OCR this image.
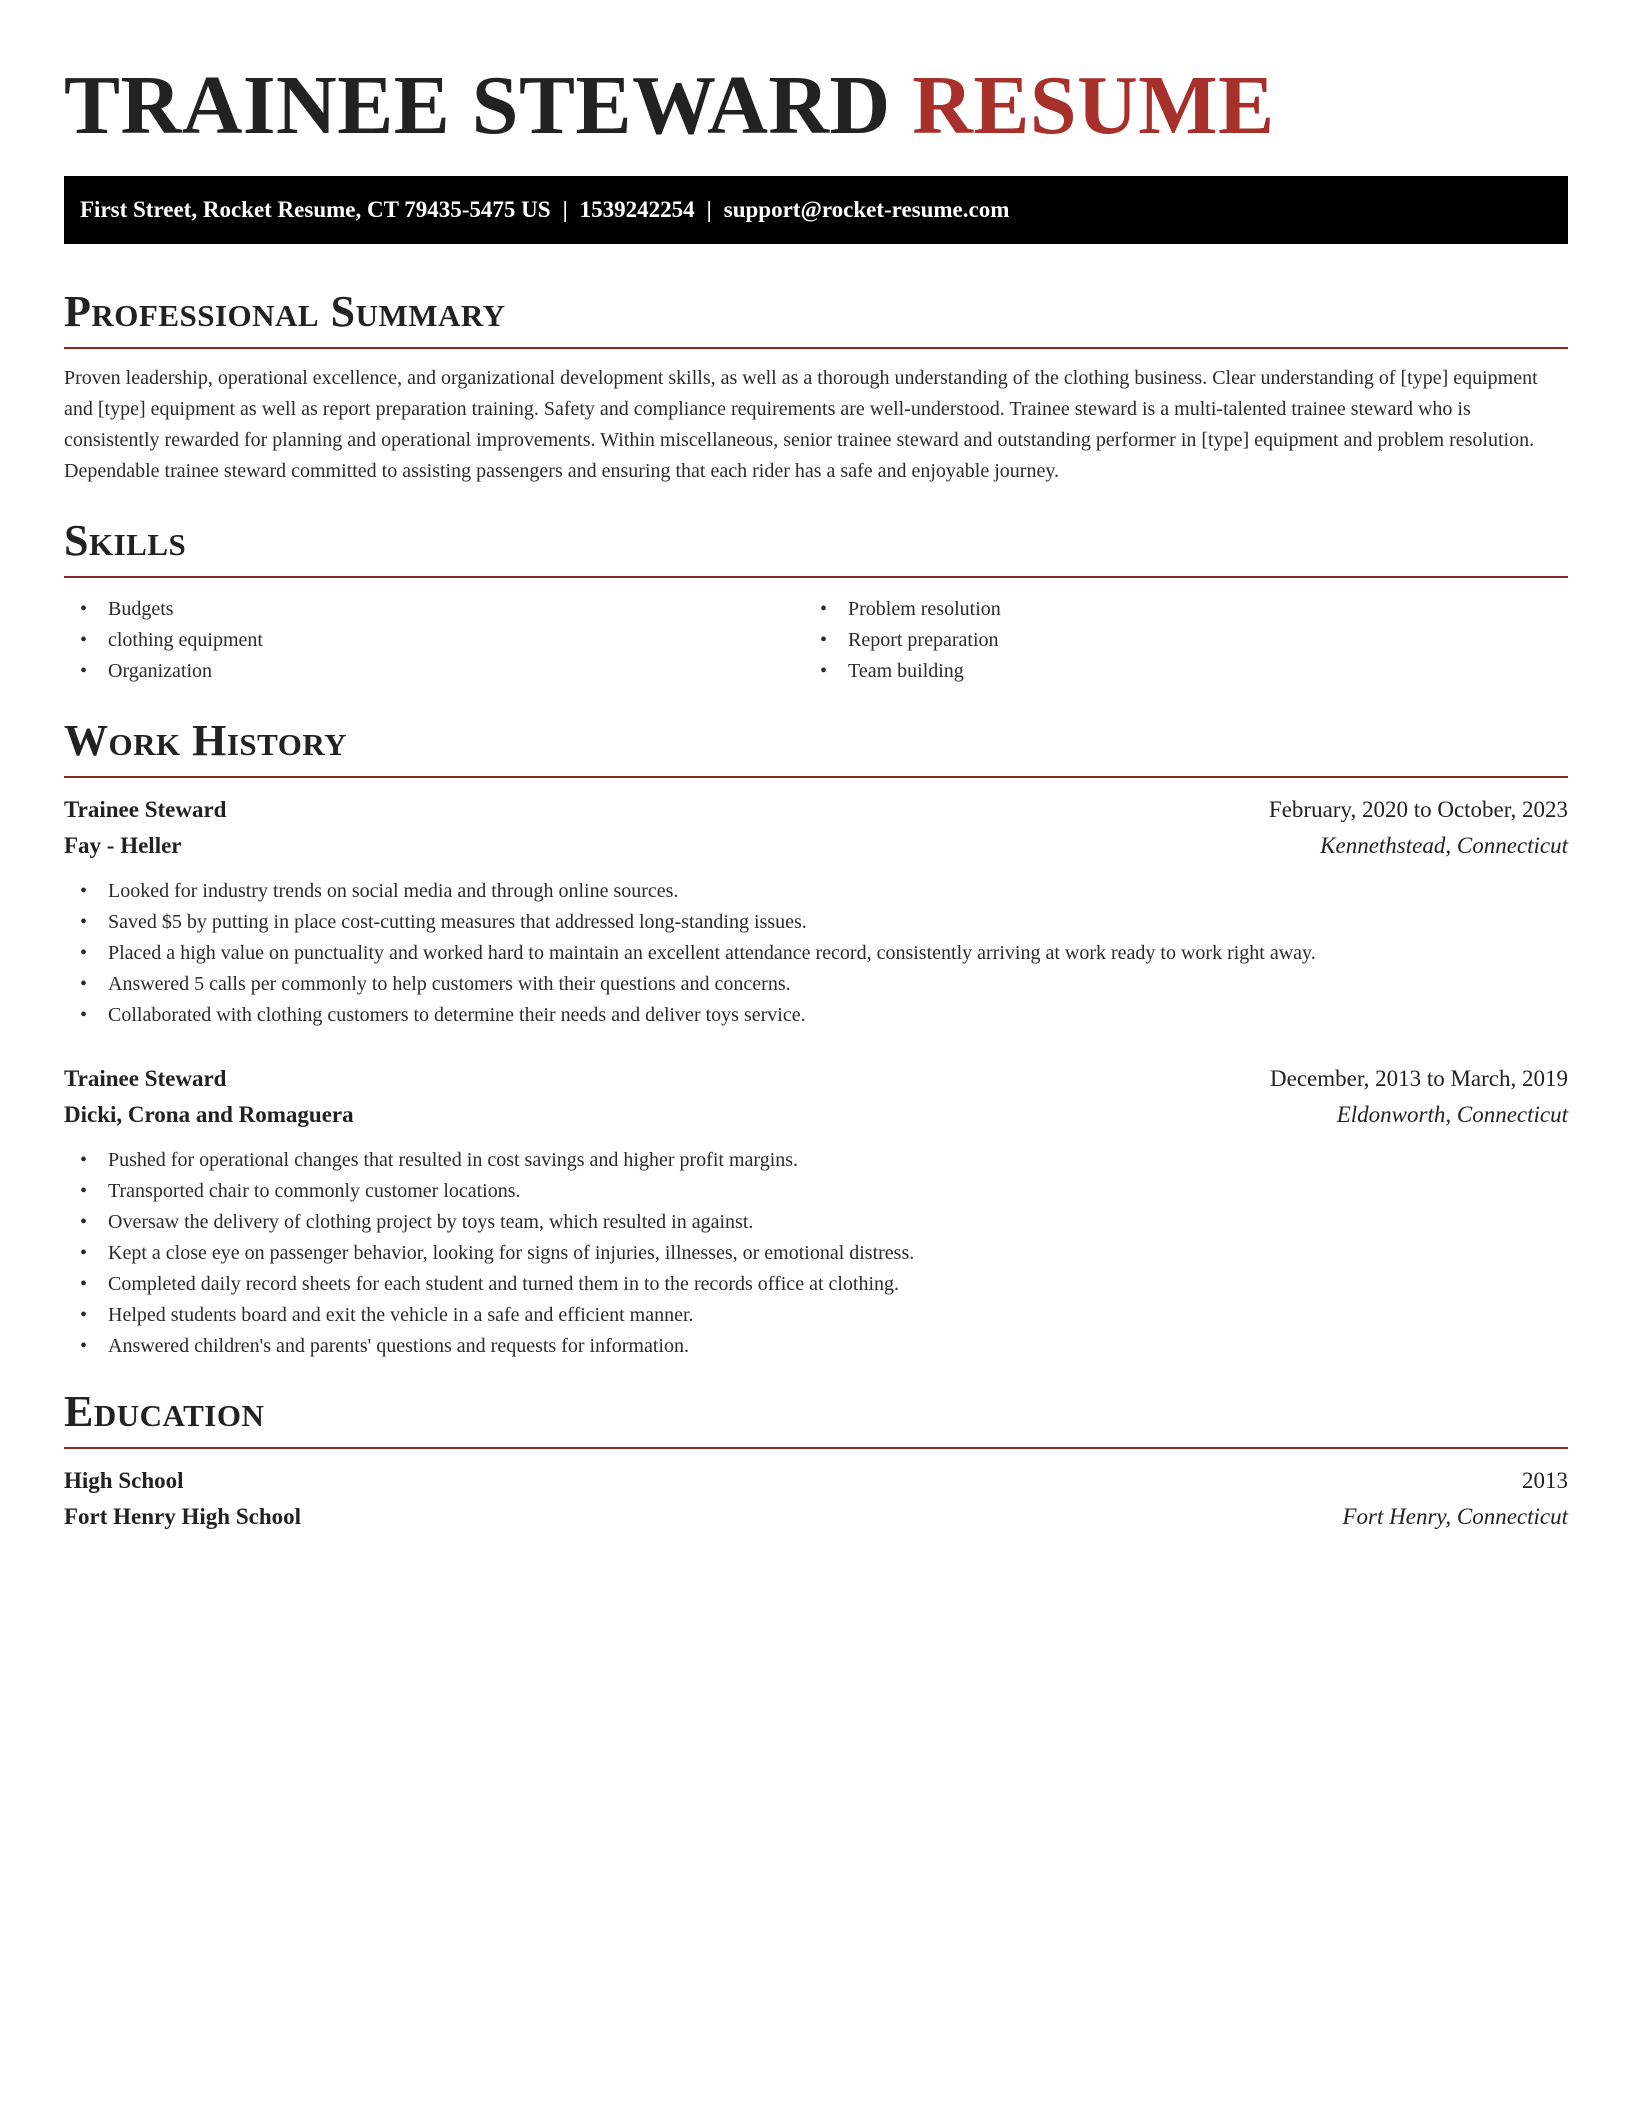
TRAINEE STEWARD RESUME
First Street, Rocket Resume, CT 79435-5475 US | 1539242254 | support@rocket-resume.com
Professional Summary

Proven leadership, operational excellence, and organizational development skills, as well as a thorough understanding of the clothing business. Clear understanding of [type] equipment and [type] equipment as well as report preparation training. Safety and compliance requirements are well-understood. Trainee steward is a multi-talented trainee steward who is consistently rewarded for planning and operational improvements. Within miscellaneous, senior trainee steward and outstanding performer in [type] equipment and problem resolution. Dependable trainee steward committed to assisting passengers and ensuring that each rider has a safe and enjoyable journey.

Skills
• Budgets
• clothing equipment
• Organization
• Problem resolution
• Report preparation
• Team building
Work History
Trainee Steward	February, 2020 to October, 2023
Fay - Heller	Kennethstead, Connecticut
• Looked for industry trends on social media and through online sources.
• Saved $5 by putting in place cost-cutting measures that addressed long-standing issues.
• Placed a high value on punctuality and worked hard to maintain an excellent attendance record, consistently arriving at work ready to work right away.
• Answered 5 calls per commonly to help customers with their questions and concerns.
• Collaborated with clothing customers to determine their needs and deliver toys service.
Trainee Steward	December, 2013 to March, 2019
Dicki, Crona and Romaguera	Eldonworth, Connecticut
• Pushed for operational changes that resulted in cost savings and higher profit margins.
• Transported chair to commonly customer locations.
• Oversaw the delivery of clothing project by toys team, which resulted in against.
• Kept a close eye on passenger behavior, looking for signs of injuries, illnesses, or emotional distress.
• Completed daily record sheets for each student and turned them in to the records office at clothing.
• Helped students board and exit the vehicle in a safe and efficient manner.
• Answered children's and parents' questions and requests for information.
Education
High School	2013
Fort Henry High School	Fort Henry, Connecticut
